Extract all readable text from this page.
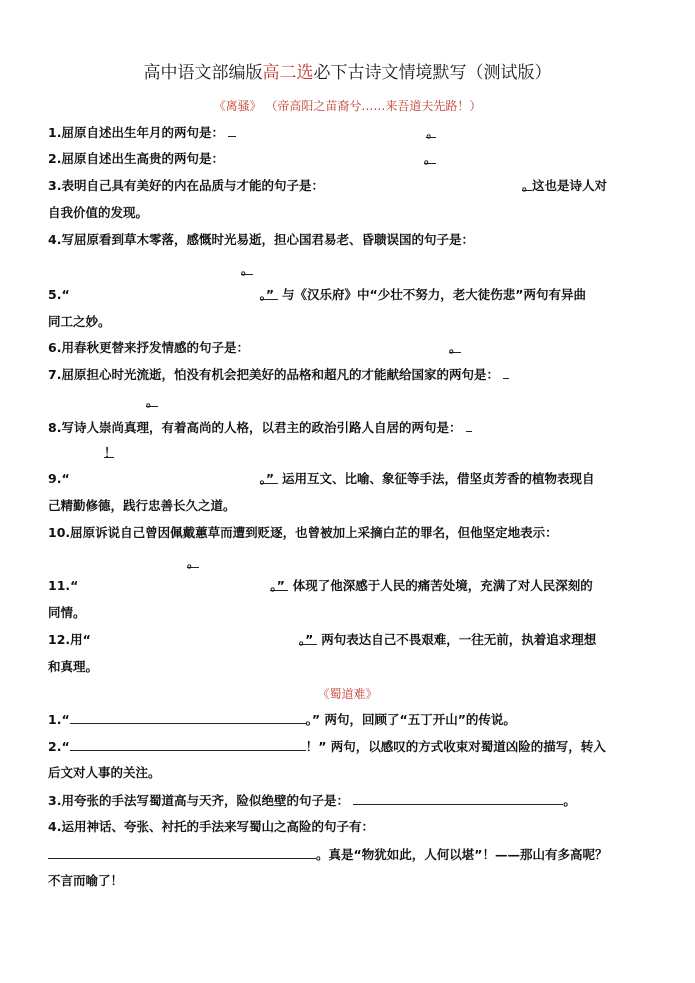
高中语文部编版高二选必下古诗文情境默写（测试版）
《离骚》 （帝高阳之苗裔兮……来吾道夫先路！）
1.屈原自述出生年月的两句是：	。
2.屈原自述出生高贵的两句是：	。
3.表明自己具有美好的内在品质与才能的句子是：	。这也是诗人对
自我价值的发现。
4.写屈原看到草木零落，感慨时光易逝，担心国君易老、昏聩误国的句子是：
。
5.“	。” 与《汉乐府》中“少壮不努力，老大徒伤悲”两句有异曲
同工之妙。
6.用春秋更替来抒发情感的句子是：	。
7.屈原担心时光流逝，怕没有机会把美好的品格和超凡的才能献给国家的两句是：
。
8.写诗人崇尚真理，有着高尚的人格，以君主的政治引路人自居的两句是：
！
9.“	。” 运用互文、比喻、象征等手法，借坚贞芳香的植物表现自
己精勤修德，践行忠善长久之道。
10.屈原诉说自己曾因佩戴蕙草而遭到贬逐，也曾被加上采摘白芷的罪名，但他坚定地表示：
。
11.“	。” 体现了他深感于人民的痛苦处境，充满了对人民深刻的
同情。
12.用“	。” 两句表达自己不畏艰难，一往无前，执着追求理想
和真理。
《蜀道难》
1.“	。” 两句，回顾了“五丁开山”的传说。
2.“	！” 两句，以感叹的方式收束对蜀道凶险的描写，转入
后文对人事的关注。
3.用夸张的手法写蜀道高与天齐，险似绝壁的句子是：	。
4.运用神话、夸张、衬托的手法来写蜀山之高险的句子有：
。真是“物犹如此，人何以堪”！——那山有多高呢？
不言而喻了！
